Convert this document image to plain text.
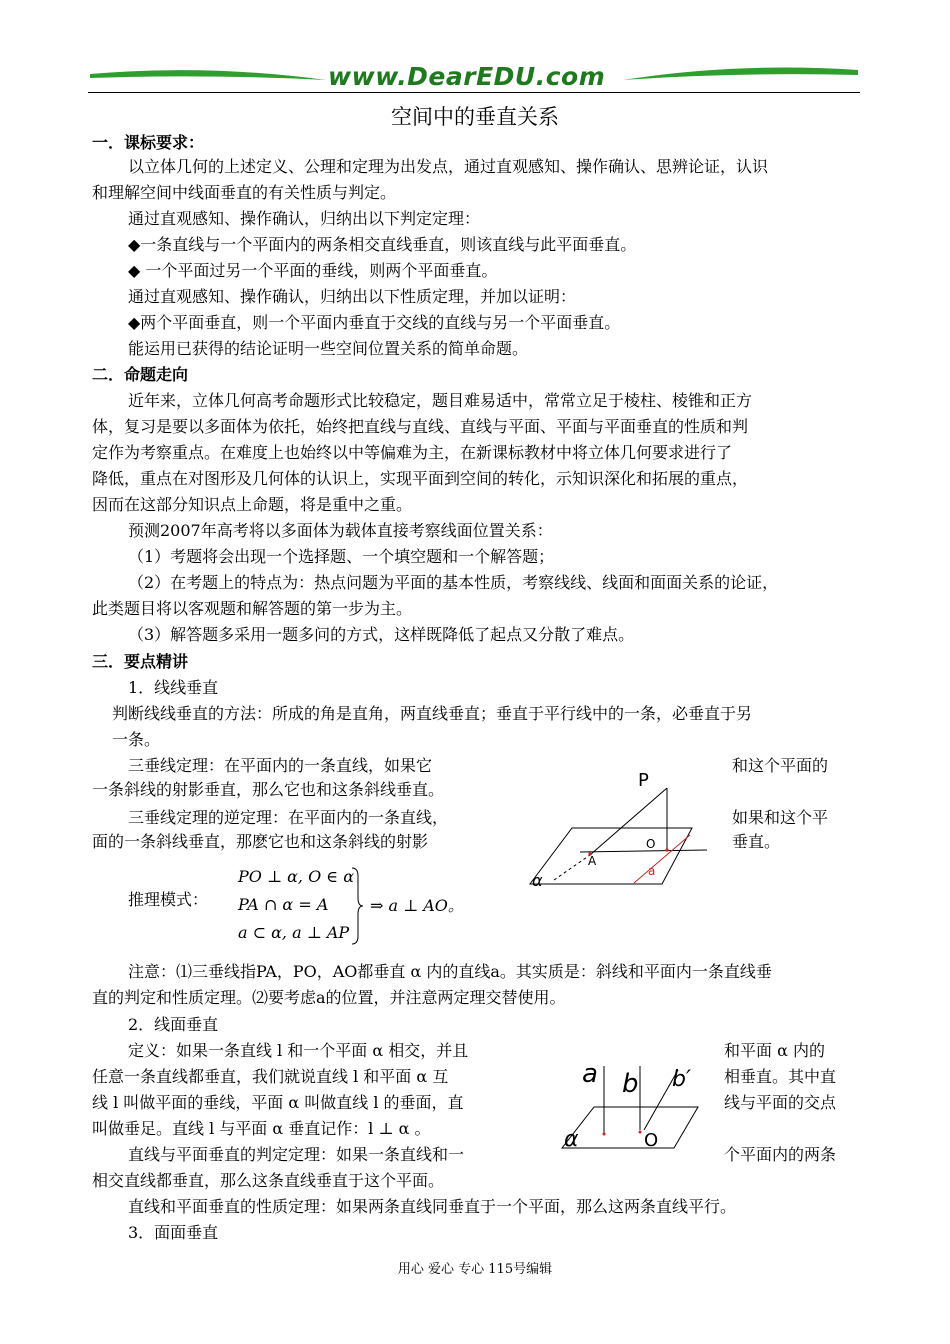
www.DearEDU.com
空间中的垂直关系
一．课标要求：
以立体几何的上述定义、公理和定理为出发点，通过直观感知、操作确认、思辨论证，认识
和理解空间中线面垂直的有关性质与判定。
通过直观感知、操作确认，归纳出以下判定定理：
◆一条直线与一个平面内的两条相交直线垂直，则该直线与此平面垂直。
◆ 一个平面过另一个平面的垂线，则两个平面垂直。
通过直观感知、操作确认，归纳出以下性质定理，并加以证明：
◆两个平面垂直，则一个平面内垂直于交线的直线与另一个平面垂直。
能运用已获得的结论证明一些空间位置关系的简单命题。
二．命题走向
近年来，立体几何高考命题形式比较稳定，题目难易适中，常常立足于棱柱、棱锥和正方
体，复习是要以多面体为依托，始终把直线与直线、直线与平面、平面与平面垂直的性质和判
定作为考察重点。在难度上也始终以中等偏难为主，在新课标教材中将立体几何要求进行了
降低，重点在对图形及几何体的认识上，实现平面到空间的转化，示知识深化和拓展的重点，
因而在这部分知识点上命题，将是重中之重。
预测2007年高考将以多面体为载体直接考察线面位置关系：
（1）考题将会出现一个选择题、一个填空题和一个解答题；
（2）在考题上的特点为：热点问题为平面的基本性质，考察线线、线面和面面关系的论证，
此类题目将以客观题和解答题的第一步为主。
（3）解答题多采用一题多问的方式，这样既降低了起点又分散了难点。
三．要点精讲
1．线线垂直
判断线线垂直的方法：所成的角是直角，两直线垂直；垂直于平行线中的一条，必垂直于另
一条。
三垂线定理：在平面内的一条直线，如果它	和这个平面的
一条斜线的射影垂直，那么它也和这条斜线垂直。
三垂线定理的逆定理：在平面内的一条直线，	如果和这个平
面的一条斜线垂直，那麽它也和这条斜线的射影	垂直。
P
O
A
a
α
推理模式：
PO ⊥ α, O ∈ α
PA ∩ α = A
a ⊂ α, a ⊥ AP
⇒ a ⊥ AO。
注意：⑴三垂线指PA，PO，AO都垂直 α 内的直线a。其实质是：斜线和平面内一条直线垂
直的判定和性质定理。⑵要考虑a的位置，并注意两定理交替使用。
2．线面垂直
定义：如果一条直线 l 和一个平面 α 相交，并且	和平面 α 内的
任意一条直线都垂直，我们就说直线 l 和平面 α 互	相垂直。其中直
线 l 叫做平面的垂线，平面 α 叫做直线 l 的垂面，直	线与平面的交点
叫做垂足。直线 l 与平面 α 垂直记作：l ⊥ α 。
a b b′
α	O
直线与平面垂直的判定定理：如果一条直线和一	个平面内的两条
相交直线都垂直，那么这条直线垂直于这个平面。
直线和平面垂直的性质定理：如果两条直线同垂直于一个平面，那么这两条直线平行。
3．面面垂直
用心 爱心 专心 115号编辑
